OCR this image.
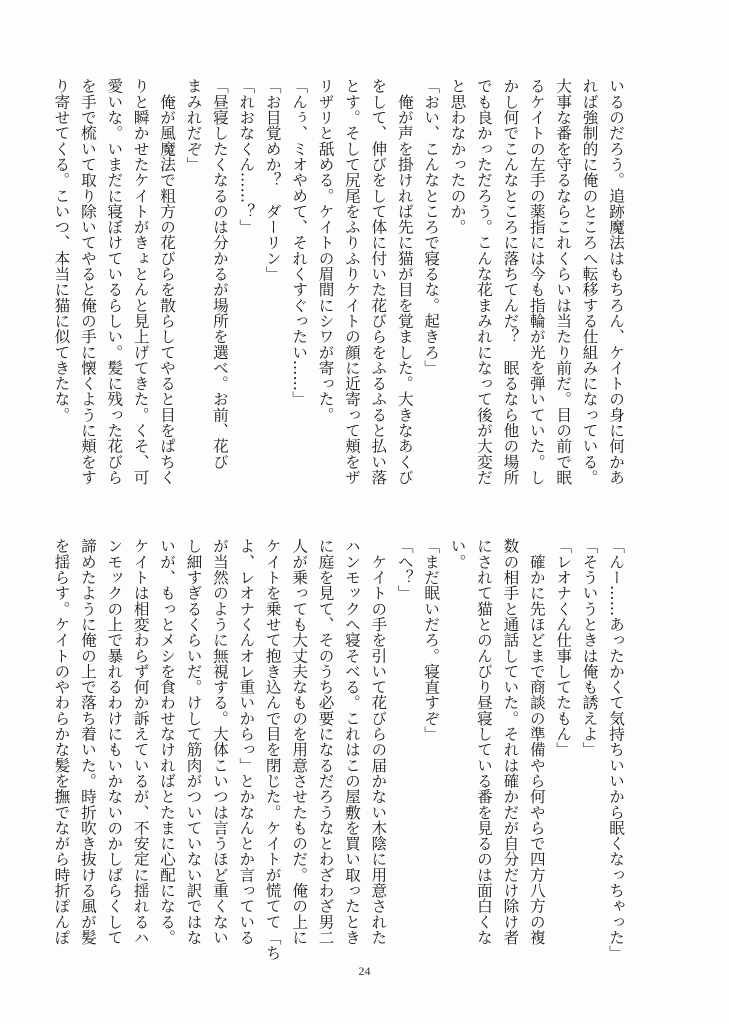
いるのだろう。追跡魔法はもちろん、ケイトの身に何かあ

れば強制的に俺のところへ転移する仕組みになっている。

大事な番を守るならこれくらいは当たり前だ。目の前で眠

るケイトの左手の薬指には今も指輪が光を弾いていた。し

かし何でこんなところに落ちてんだ？　眠るなら他の場所

でも良かっただろう。こんな花まみれになって後が大変だ

と思わなかったのか。

「おい、こんなところで寝るな。起きろ」

　俺が声を掛ければ先に猫が目を覚ました。大きなあくび

をして、伸びをして体に付いた花びらをふるふると払い落

とす。そして尻尾をふりふりケイトの顔に近寄って頬をザ

リザリと舐める。ケイトの眉間にシワが寄った。

「んぅ、ミオやめて、それくすぐったい……」

「お目覚めか？　ダーリン」

「れおなくん……？」

「昼寝したくなるのは分かるが場所を選べ。お前、花び

まみれだぞ」

　俺が風魔法で粗方の花びらを散らしてやると目をぱちく

りと瞬かせたケイトがきょとんと見上げてきた。くそ、可

愛いな。いまだに寝ぼけているらしい。髪に残った花びら

を手で梳いて取り除いてやると俺の手に懐くように頬をす

り寄せてくる。こいつ、本当に猫に似てきたな。

「んー……あったかくて気持ちいいから眠くなっちゃった」

「そういうときは俺も誘えよ」

「レオナくん仕事してたもん」

　確かに先ほどまで商談の準備やら何やらで四方八方の複

数の相手と通話していた。それは確かだが自分だけ除け者

にされて猫とのんびり昼寝している番を見るのは面白くな

い。

「まだ眠いだろ。寝直すぞ」

「へ？」

　ケイトの手を引いて花びらの届かない木陰に用意された

ハンモックへ寝そべる。これはこの屋敷を買い取ったとき

に庭を見て、そのうち必要になるだろうなとわざわざ男二

人が乗っても大丈夫なものを用意させたものだ。俺の上に

ケイトを乗せて抱き込んで目を閉じた。ケイトが慌てて「ち

よ、レオナくんオレ重いからっ」とかなんとか言っている

が当然のように無視する。大体こいつは言うほど重くない

し細すぎるくらいだ。けして筋肉がついていない訳ではな

いが、もっとメシを食わせなければとたまに心配になる。

ケイトは相変わらず何か訴えているが、不安定に揺れるハ

ンモックの上で暴れるわけにもいかないのかしばらくして

諦めたように俺の上で落ち着いた。時折吹き抜ける風が髪

を揺らす。ケイトのやわらかな髪を撫でながら時折ぽんぽ

24
